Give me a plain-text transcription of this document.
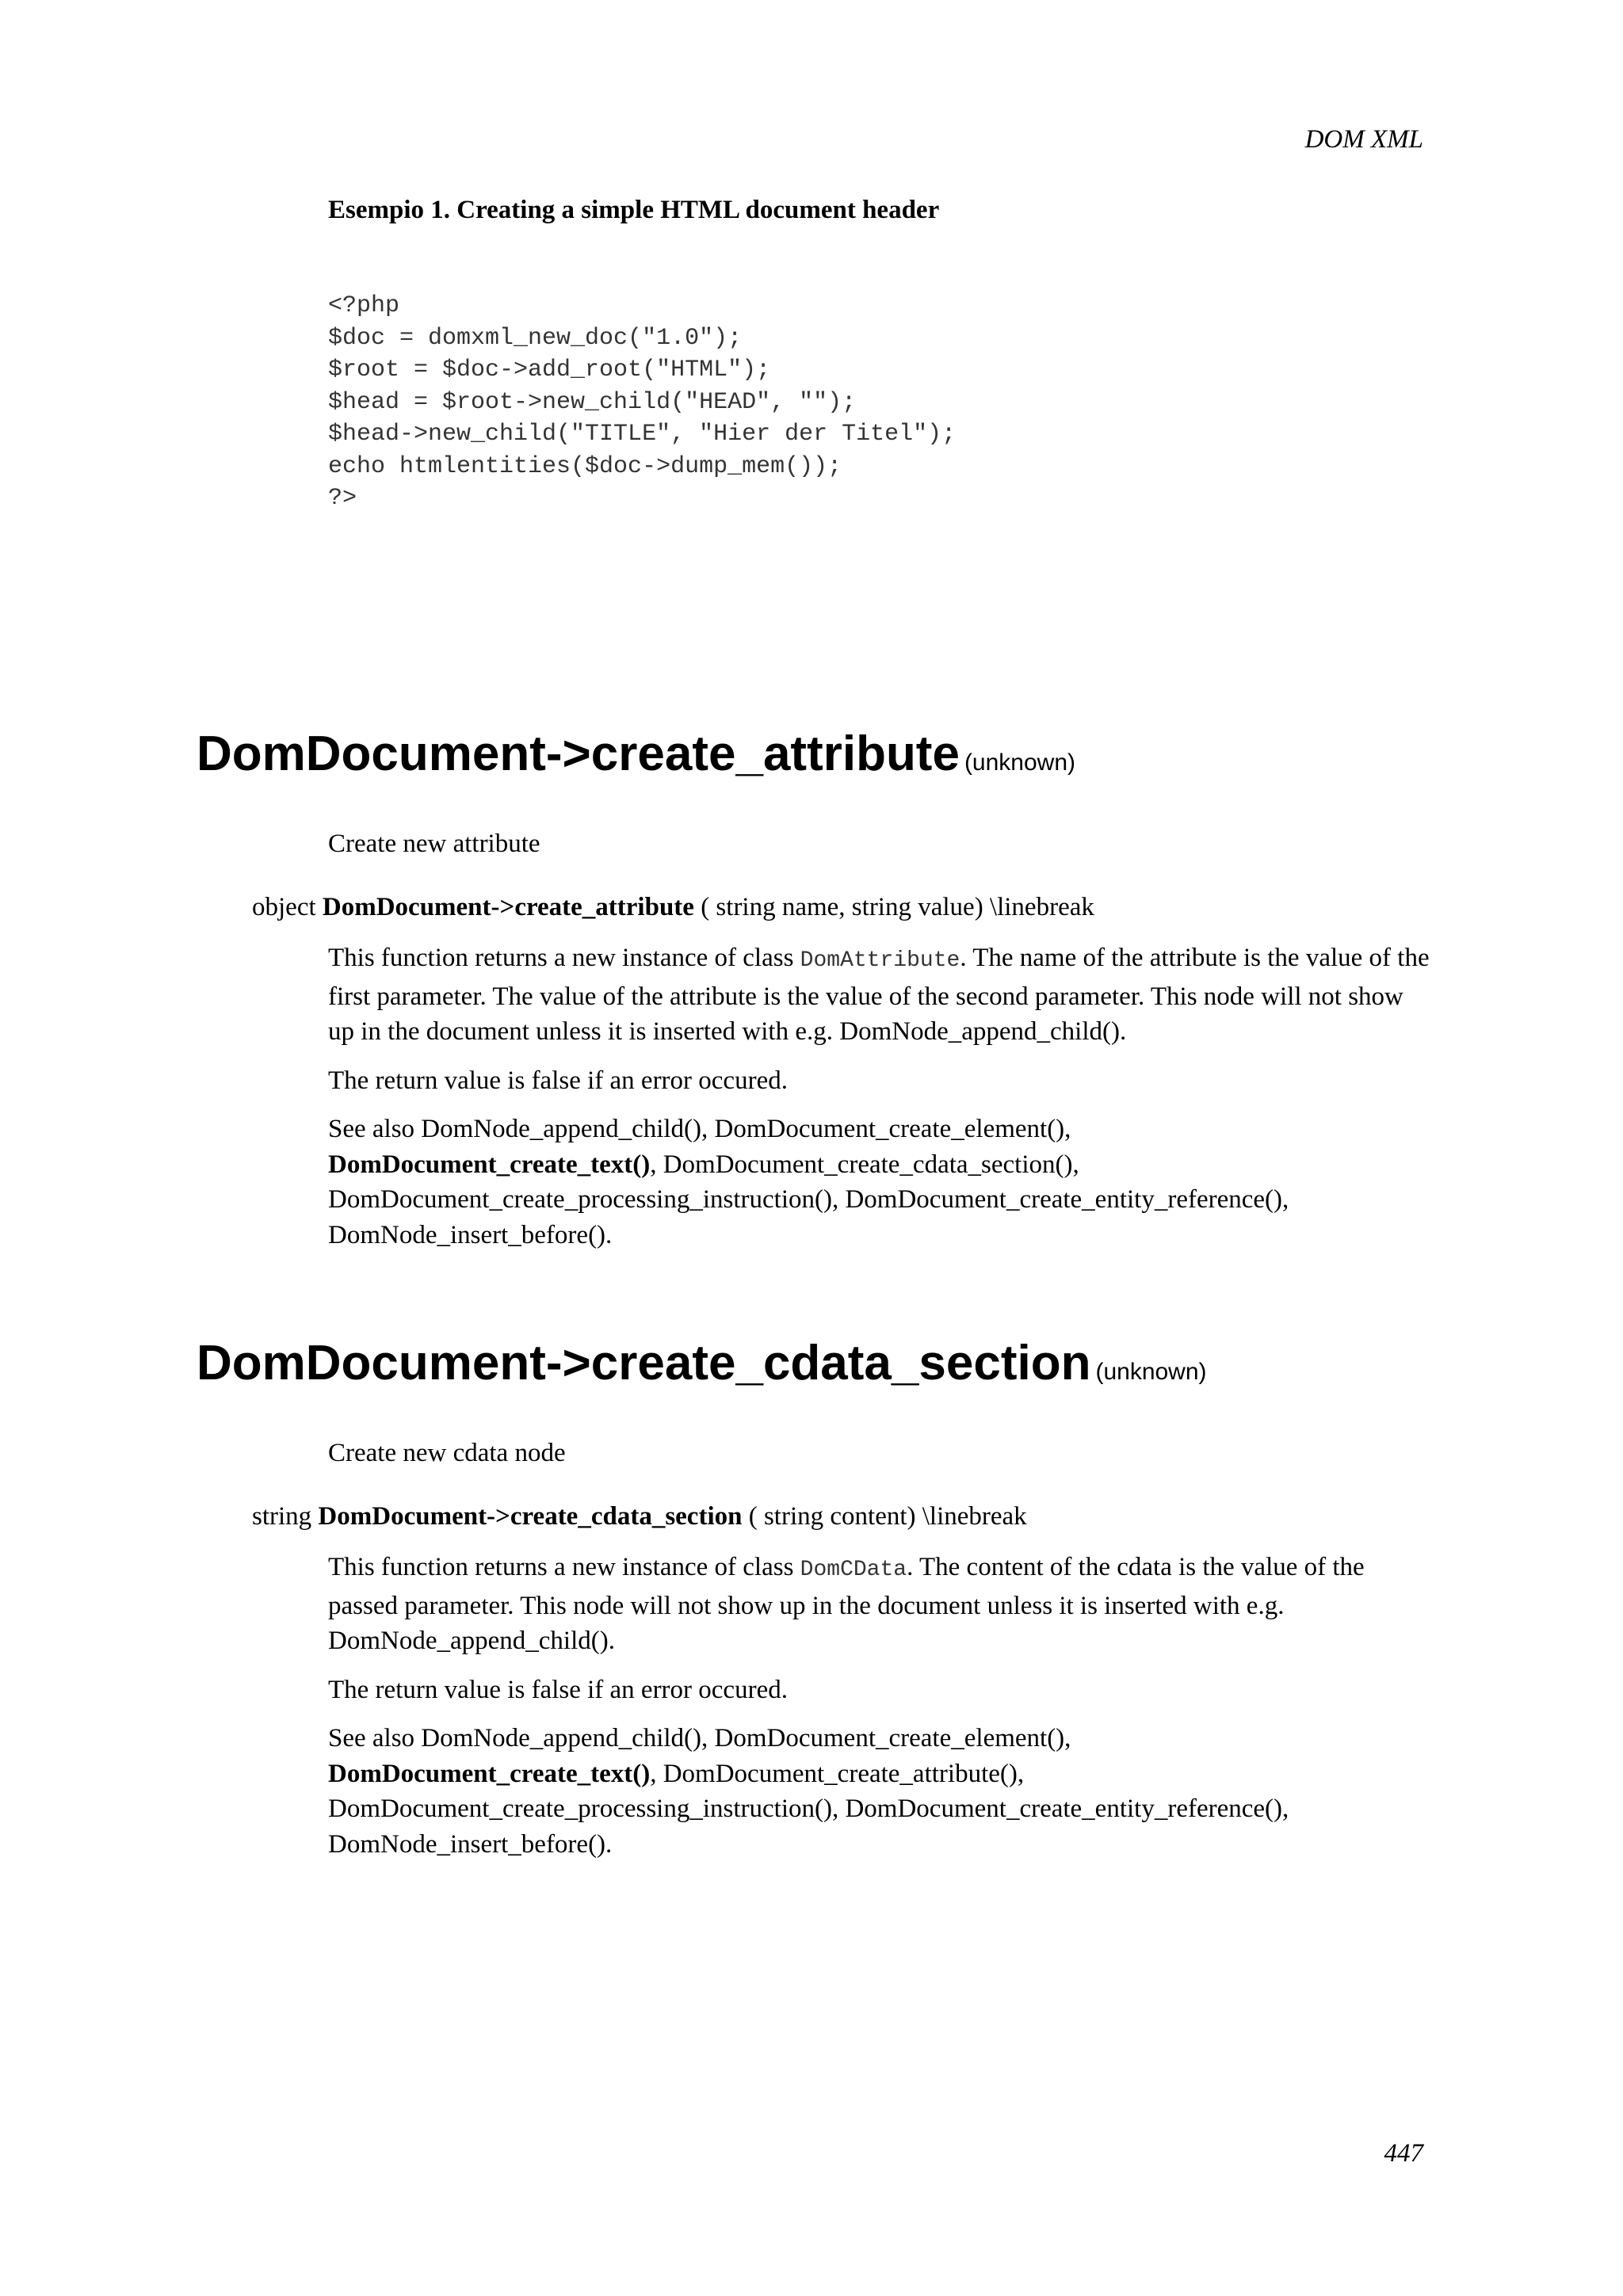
DOM XML
Esempio 1. Creating a simple HTML document header
<?php
$doc = domxml_new_doc("1.0");
$root = $doc->add_root("HTML");
$head = $root->new_child("HEAD", "");
$head->new_child("TITLE", "Hier der Titel");
echo htmlentities($doc->dump_mem());
?>
DomDocument->create_attribute (unknown)
Create new attribute
object DomDocument->create_attribute ( string name, string value) \linebreak

This function returns a new instance of class DomAttribute. The name of the attribute is the value of the first parameter. The value of the attribute is the value of the second parameter. This node will not show up in the document unless it is inserted with e.g. DomNode_append_child().

The return value is false if an error occured.

See also DomNode_append_child(), DomDocument_create_element(),
DomDocument_create_text(), DomDocument_create_cdata_section(), DomDocument_create_processing_instruction(), DomDocument_create_entity_reference(), DomNode_insert_before().

DomDocument->create_cdata_section (unknown)
Create new cdata node
string DomDocument->create_cdata_section ( string content) \linebreak

This function returns a new instance of class DomCData. The content of the cdata is the value of the passed parameter. This node will not show up in the document unless it is inserted with e.g. DomNode_append_child().

The return value is false if an error occured.

See also DomNode_append_child(), DomDocument_create_element(),
DomDocument_create_text(), DomDocument_create_attribute(), DomDocument_create_processing_instruction(), DomDocument_create_entity_reference(), DomNode_insert_before().

447
